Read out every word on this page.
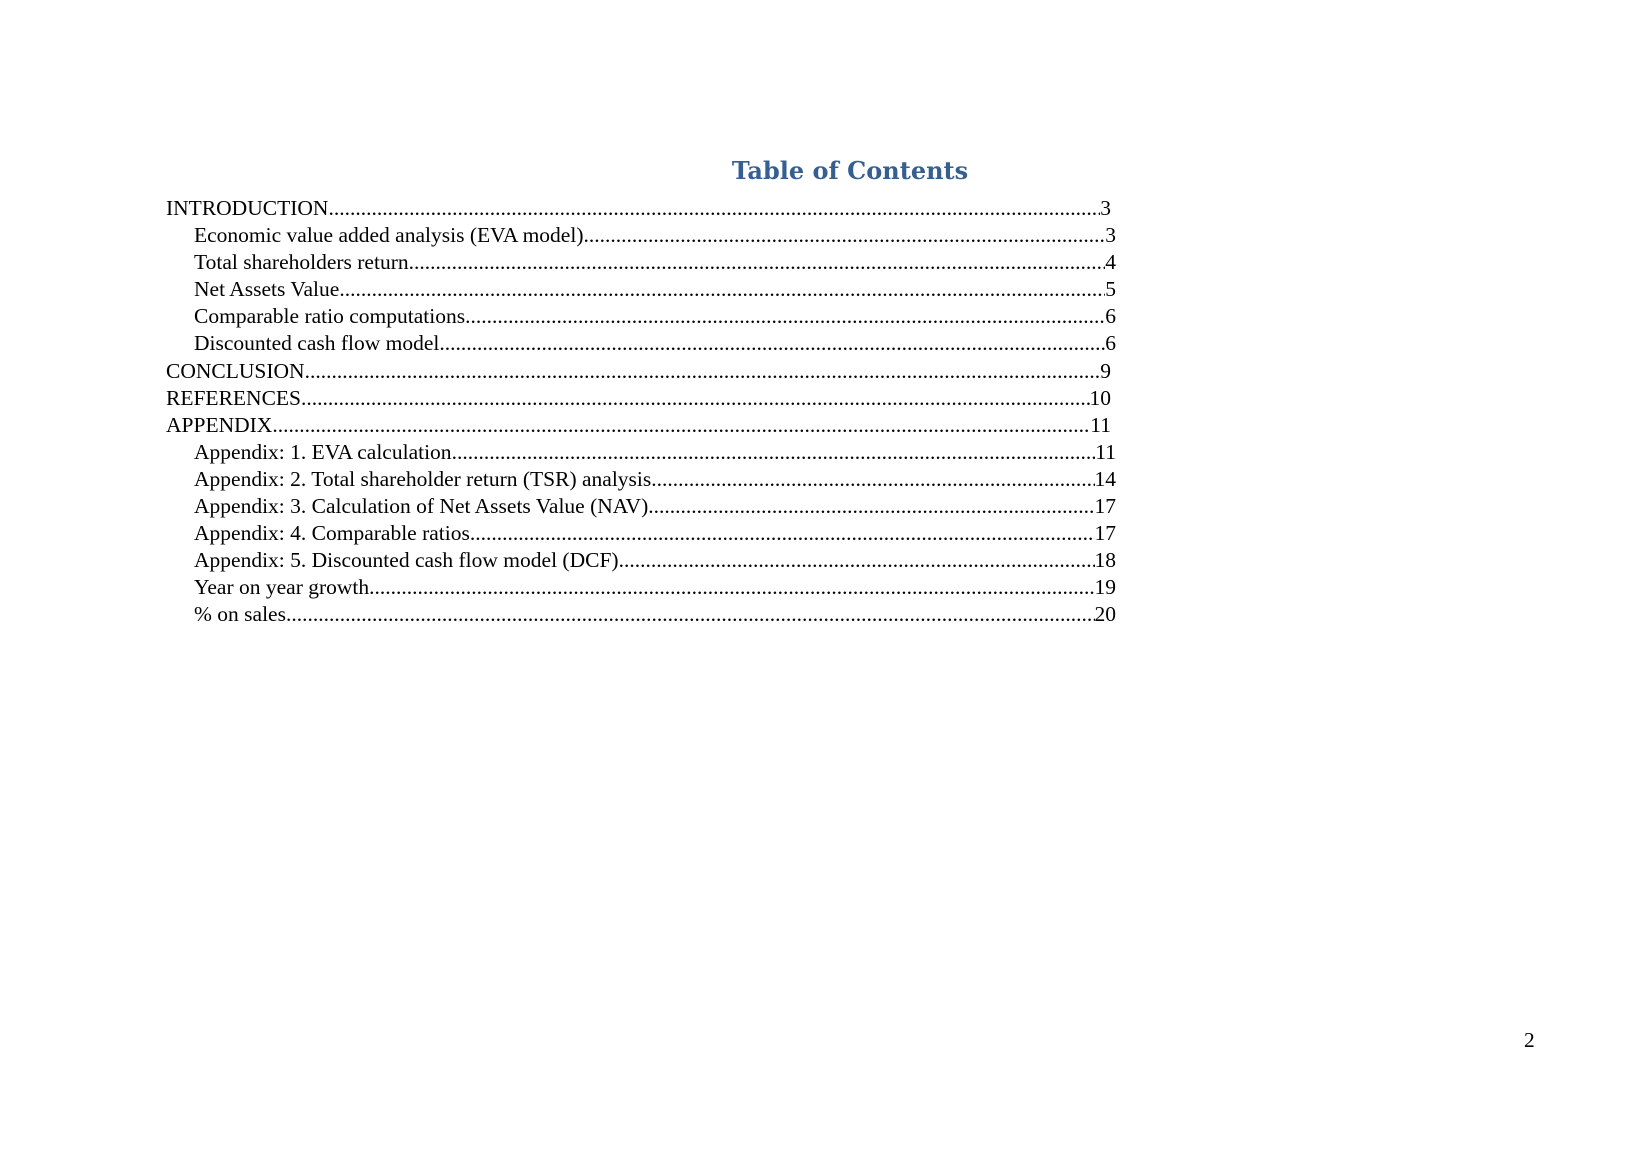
Table of Contents
INTRODUCTION .....	3
Economic value added analysis (EVA model) .....	3
Total shareholders return .....	4
Net Assets Value .....	5
Comparable ratio computations .....	6
Discounted cash flow model .....	6
CONCLUSION .....	9
REFERENCES .....	10
APPENDIX .....	11
Appendix: 1. EVA calculation .....	11
Appendix: 2. Total shareholder return (TSR) analysis .....	14
Appendix: 3. Calculation of Net Assets Value (NAV) .....	17
Appendix: 4. Comparable ratios .....	17
Appendix: 5. Discounted cash flow model (DCF) .....	18
Year on year growth .....	19
% on sales .....	20
2
